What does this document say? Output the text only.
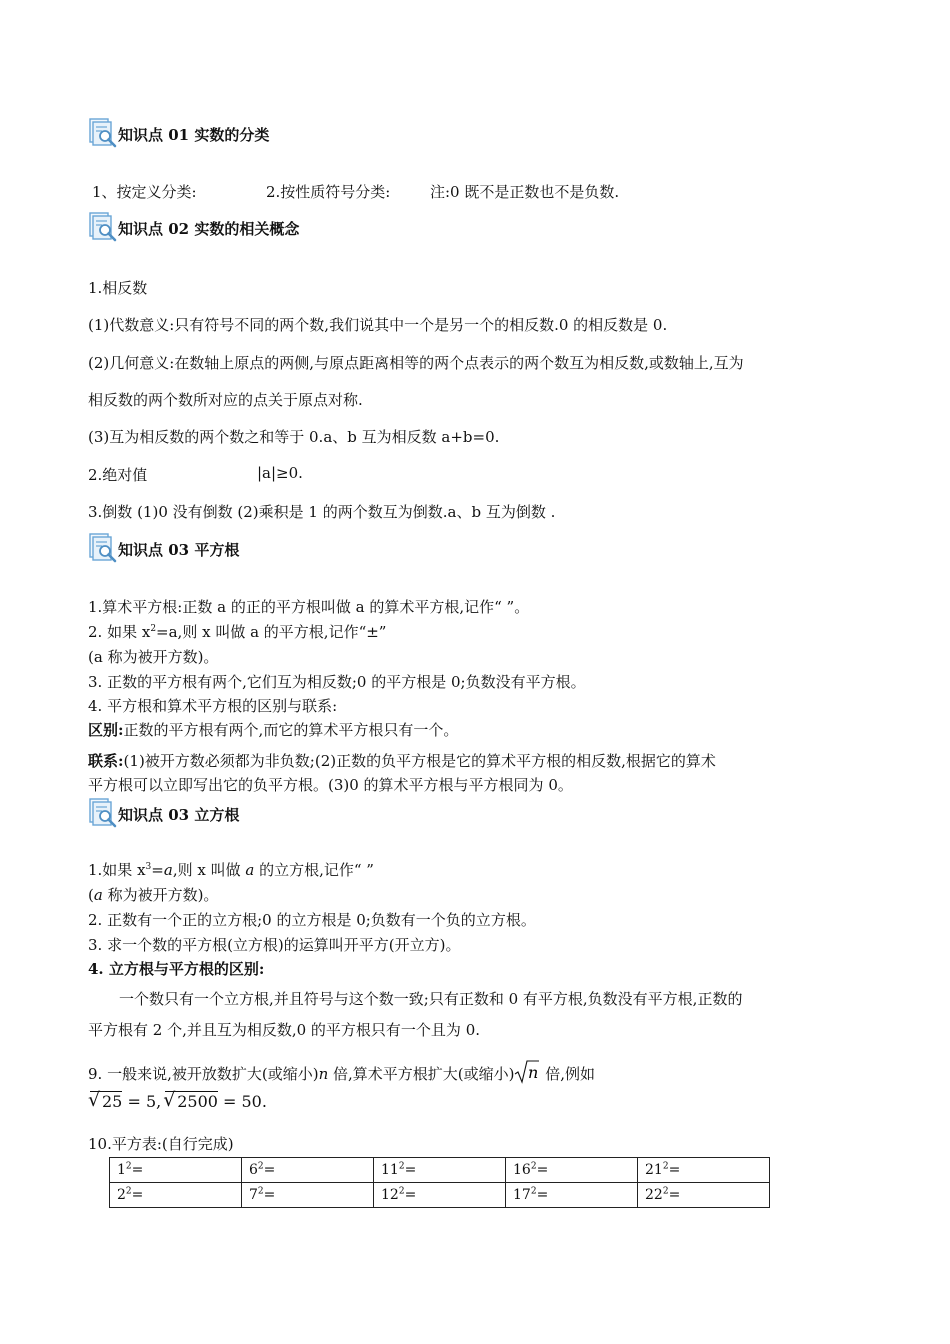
知识点 01 实数的分类
1、按定义分类:	2.按性质符号分类:	注:0 既不是正数也不是负数.
知识点 02 实数的相关概念
1.相反数
(1)代数意义:只有符号不同的两个数,我们说其中一个是另一个的相反数.0 的相反数是 0.
(2)几何意义:在数轴上原点的两侧,与原点距离相等的两个点表示的两个数互为相反数,或数轴上,互为
相反数的两个数所对应的点关于原点对称.
(3)互为相反数的两个数之和等于 0.a、b 互为相反数 a+b=0.
2.绝对值	|a|≥0.
3.倒数 (1)0 没有倒数 (2)乘积是 1 的两个数互为倒数.a、b 互为倒数 .
知识点 03 平方根
1.算术平方根:正数 a 的正的平方根叫做 a 的算术平方根,记作“ ”。
2. 如果 $x^2=a$,则 x 叫做 a 的平方根,记作“±”
(a 称为被开方数)。
3. 正数的平方根有两个,它们互为相反数;0 的平方根是 0;负数没有平方根。
4. 平方根和算术平方根的区别与联系:
区别:正数的平方根有两个,而它的算术平方根只有一个。
联系:(1)被开方数必须都为非负数;(2)正数的负平方根是它的算术平方根的相反数,根据它的算术
平方根可以立即写出它的负平方根。(3)0 的算术平方根与平方根同为 0。
知识点 03 立方根
1.如果 $x^3=a$,则 x 叫做 a 的立方根,记作“ ”
(a 称为被开方数)。
2. 正数有一个正的立方根;0 的立方根是 0;负数有一个负的立方根。
3. 求一个数的平方根(立方根)的运算叫开平方(开立方)。
4. 立方根与平方根的区别:
一个数只有一个立方根,并且符号与这个数一致;只有正数和 0 有平方根,负数没有平方根,正数的
平方根有 2 个,并且互为相反数,0 的平方根只有一个且为 0.
9. 一般来说,被开放数扩大(或缩小)n 倍,算术平方根扩大(或缩小) n 倍,例如
√ 25 = 5, √ 2500 = 50.
10.平方表:(自行完成)
$1^2=$	$6^2=$	$11^2=$	$16^2=$	$21^2=$
$2^2=$	$7^2=$	$12^2=$	$17^2=$	$22^2=$
